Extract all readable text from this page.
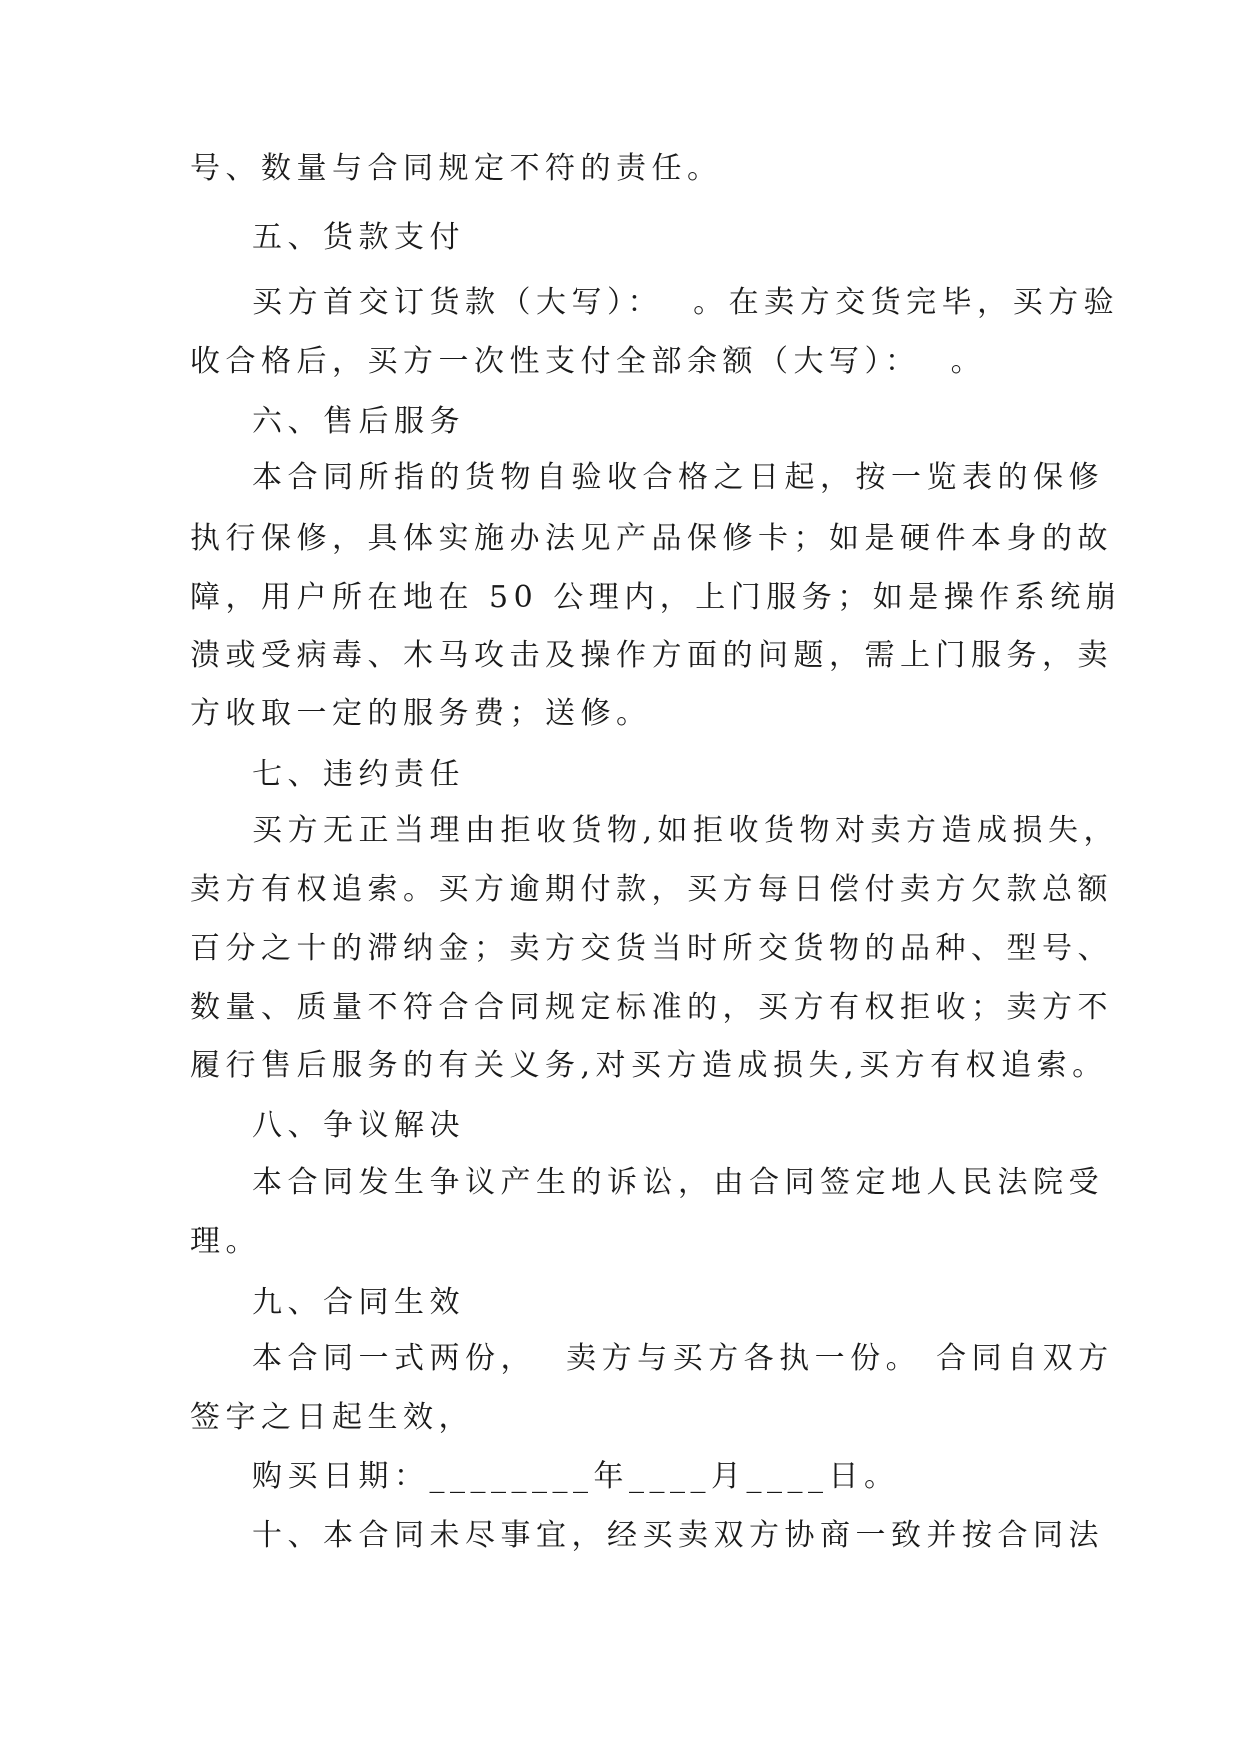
号、数量与合同规定不符的责任。
五、货款支付
买方首交订货款（大写）：  。在卖方交货完毕，买方验
收合格后，买方一次性支付全部余额（大写）：  。
六、售后服务
本合同所指的货物自验收合格之日起，按一览表的保修
执行保修，具体实施办法见产品保修卡；如是硬件本身的故
障，用户所在地在 50 公理内，上门服务；如是操作系统崩
溃或受病毒、木马攻击及操作方面的问题，需上门服务，卖
方收取一定的服务费；送修。
七、违约责任
买方无正当理由拒收货物,如拒收货物对卖方造成损失，
卖方有权追索。买方逾期付款，买方每日偿付卖方欠款总额
百分之十的滞纳金；卖方交货当时所交货物的品种、型号、
数量、质量不符合合同规定标准的，买方有权拒收；卖方不
履行售后服务的有关义务,对买方造成损失,买方有权追索。
八、争议解决
本合同发生争议产生的诉讼，由合同签定地人民法院受
理。
九、合同生效
本合同一式两份，  卖方与买方各执一份。 合同自双方
签字之日起生效，
购买日期：________年____月____日。
十、本合同未尽事宜，经买卖双方协商一致并按合同法
